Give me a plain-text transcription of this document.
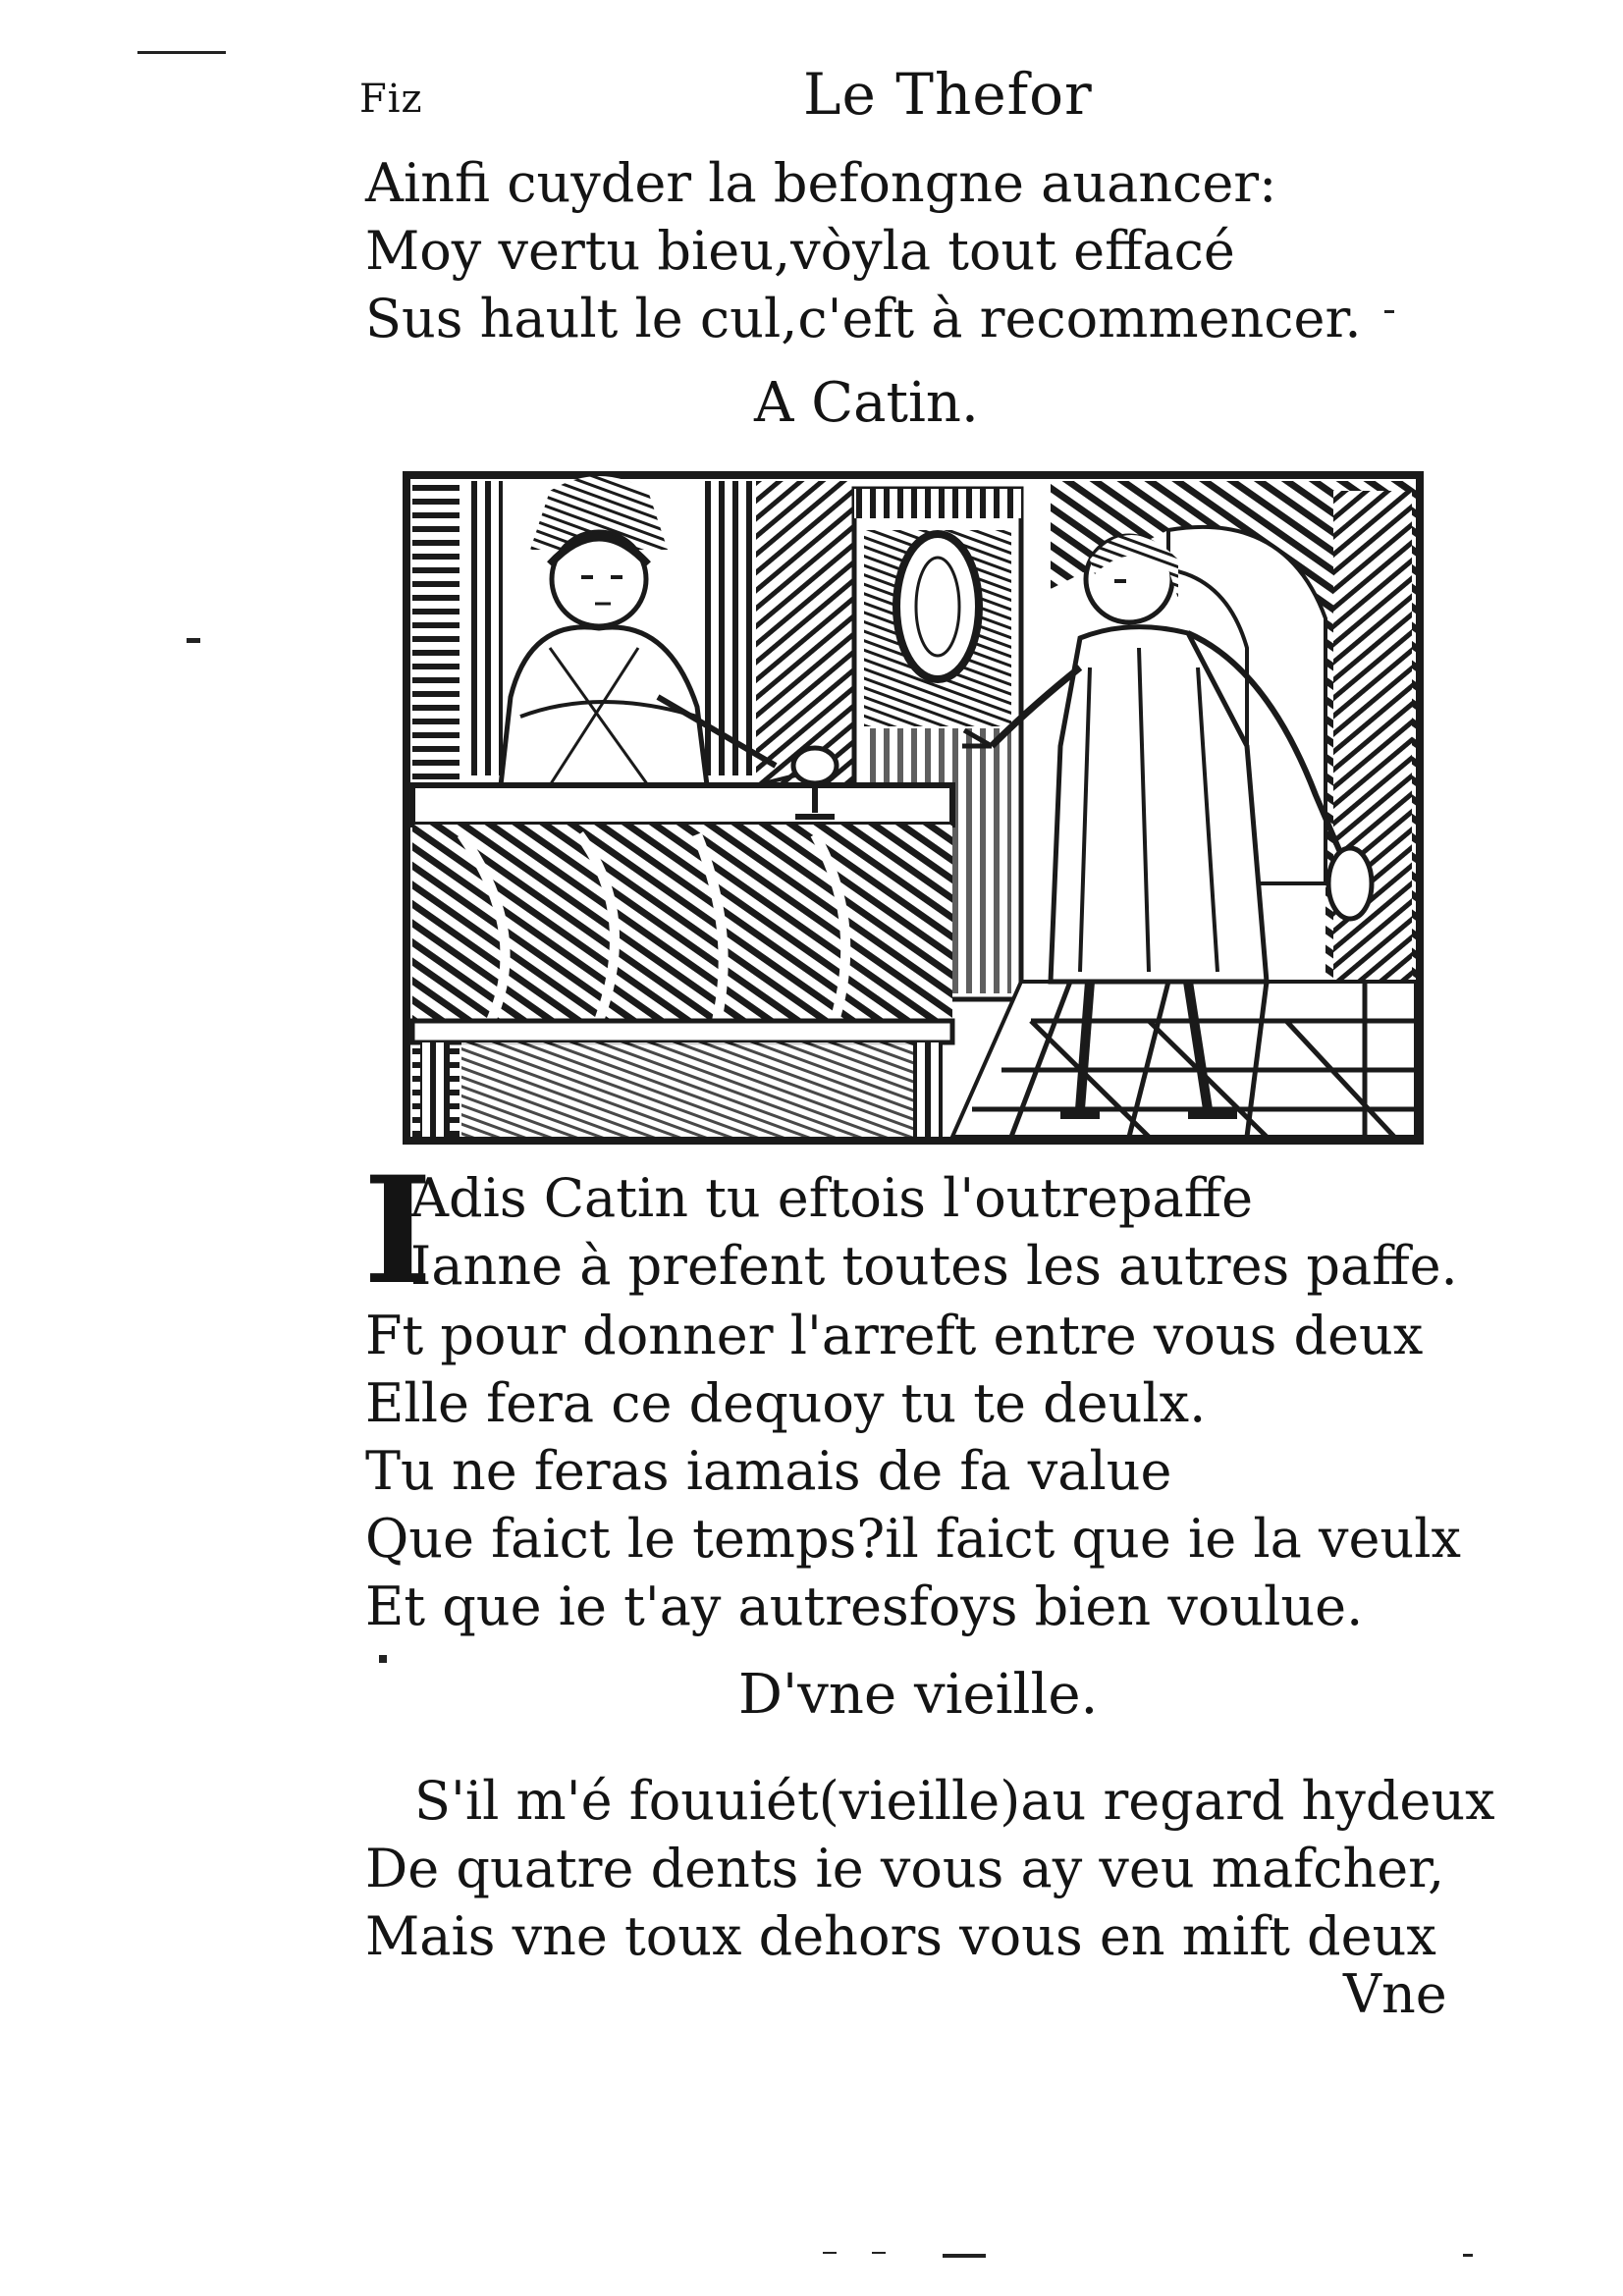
Fiz	Le Thefor
Ainfi cuyder la befongne auancer:
Moy vertu bieu,vòyla tout effacé
Sus hault le cul,c'eft à recommencer.
A Catin.
I
Adis Catin tu eftois l'outrepaffe
Ianne à prefent toutes les autres paffe.
Ft pour donner l'arreft entre vous deux
Elle fera ce dequoy tu te deulx.
Tu ne feras iamais de fa value
Que faict le temps?il faict que ie la veulx
Et que ie t'ay autresfoys bien voulue.
D'vne vieille.
S'il m'é fouuiét(vieille)au regard hydeux
De quatre dents ie vous ay veu mafcher,
Mais vne toux dehors vous en mift deux
Vne
